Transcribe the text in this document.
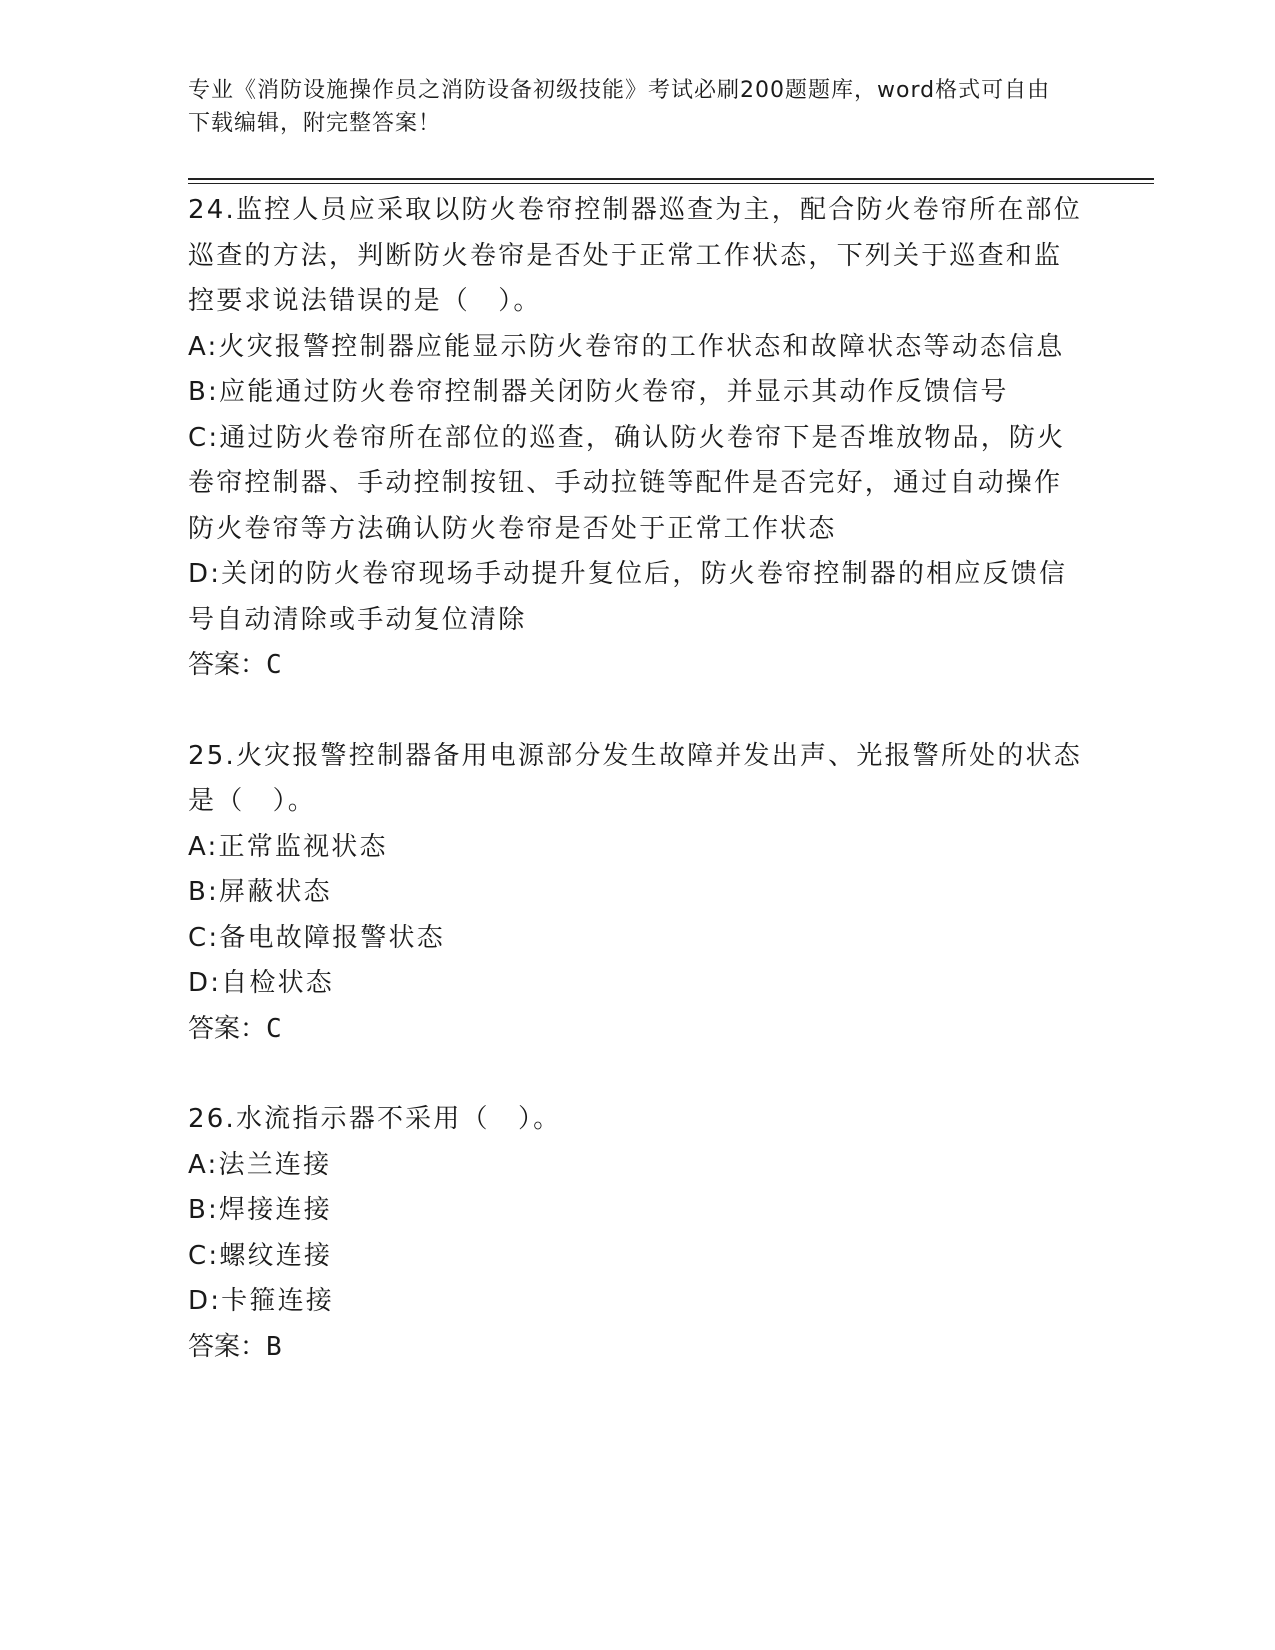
专业《消防设施操作员之消防设备初级技能》考试必刷200题题库，word格式可自由下载编辑，附完整答案！
24.监控人员应采取以防火卷帘控制器巡查为主，配合防火卷帘所在部位巡查的方法，判断防火卷帘是否处于正常工作状态，下列关于巡查和监控要求说法错误的是（　）。
A:火灾报警控制器应能显示防火卷帘的工作状态和故障状态等动态信息
B:应能通过防火卷帘控制器关闭防火卷帘，并显示其动作反馈信号
C:通过防火卷帘所在部位的巡查，确认防火卷帘下是否堆放物品，防火卷帘控制器、手动控制按钮、手动拉链等配件是否完好，通过自动操作防火卷帘等方法确认防火卷帘是否处于正常工作状态
D:关闭的防火卷帘现场手动提升复位后，防火卷帘控制器的相应反馈信号自动清除或手动复位清除
答案：C
25.火灾报警控制器备用电源部分发生故障并发出声、光报警所处的状态是（　）。
A:正常监视状态
B:屏蔽状态
C:备电故障报警状态
D:自检状态
答案：C
26.水流指示器不采用（　）。
A:法兰连接
B:焊接连接
C:螺纹连接
D:卡箍连接
答案：B
